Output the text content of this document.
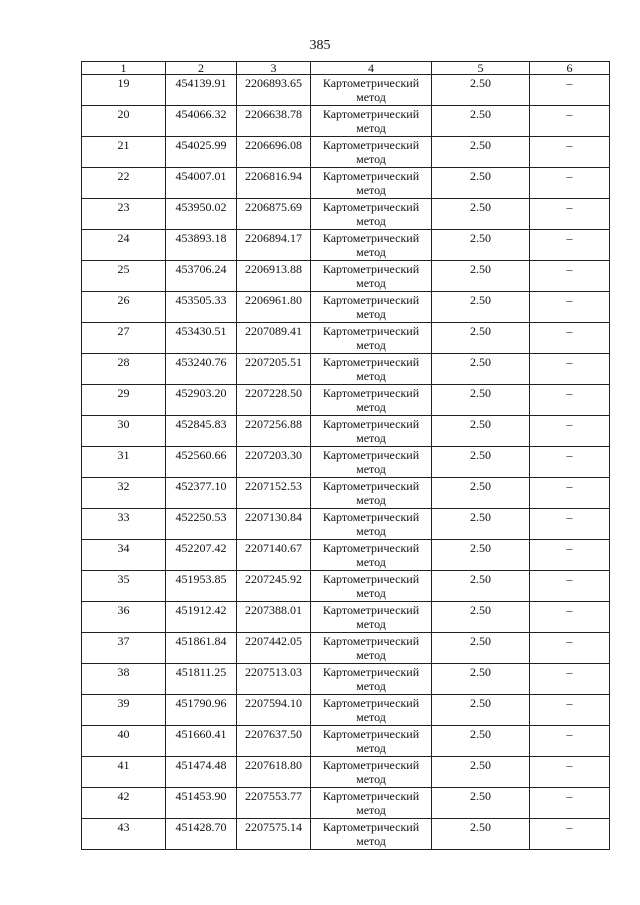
385
1	2	3	4	5	6
19	454139.91	2206893.65	Картометрический метод	2.50	–
20	454066.32	2206638.78	Картометрический метод	2.50	–
21	454025.99	2206696.08	Картометрический метод	2.50	–
22	454007.01	2206816.94	Картометрический метод	2.50	–
23	453950.02	2206875.69	Картометрический метод	2.50	–
24	453893.18	2206894.17	Картометрический метод	2.50	–
25	453706.24	2206913.88	Картометрический метод	2.50	–
26	453505.33	2206961.80	Картометрический метод	2.50	–
27	453430.51	2207089.41	Картометрический метод	2.50	–
28	453240.76	2207205.51	Картометрический метод	2.50	–
29	452903.20	2207228.50	Картометрический метод	2.50	–
30	452845.83	2207256.88	Картометрический метод	2.50	–
31	452560.66	2207203.30	Картометрический метод	2.50	–
32	452377.10	2207152.53	Картометрический метод	2.50	–
33	452250.53	2207130.84	Картометрический метод	2.50	–
34	452207.42	2207140.67	Картометрический метод	2.50	–
35	451953.85	2207245.92	Картометрический метод	2.50	–
36	451912.42	2207388.01	Картометрический метод	2.50	–
37	451861.84	2207442.05	Картометрический метод	2.50	–
38	451811.25	2207513.03	Картометрический метод	2.50	–
39	451790.96	2207594.10	Картометрический метод	2.50	–
40	451660.41	2207637.50	Картометрический метод	2.50	–
41	451474.48	2207618.80	Картометрический метод	2.50	–
42	451453.90	2207553.77	Картометрический метод	2.50	–
43	451428.70	2207575.14	Картометрический метод	2.50	–
